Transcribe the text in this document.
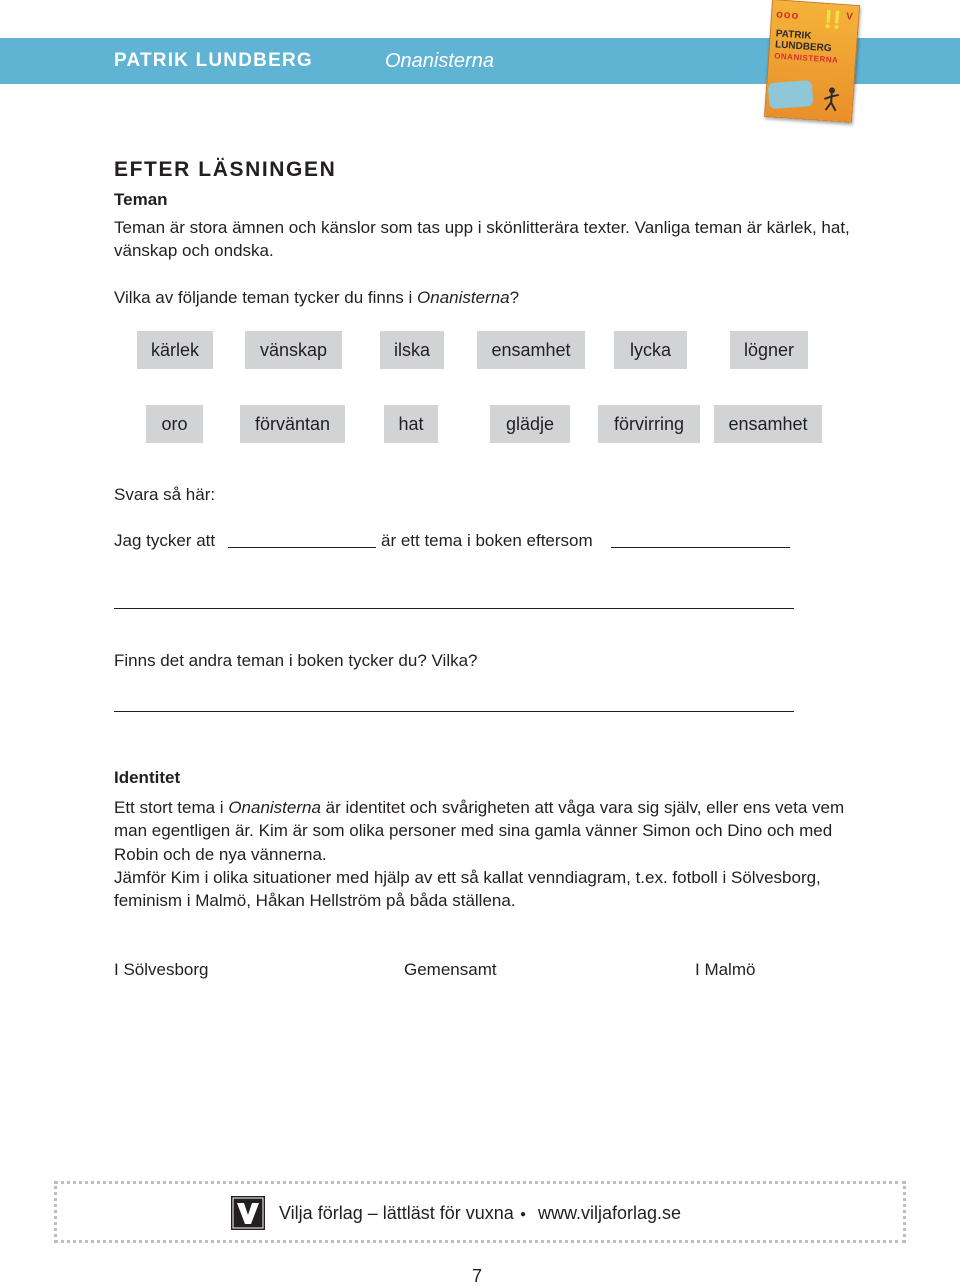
PATRIK LUNDBERG	Onanisterna
ooo !! V
PATRIK LUNDBERG
ONANISTERNA
EFTER LÄSNINGEN
Teman
Teman är stora ämnen och känslor som tas upp i skönlitterära texter. Vanliga teman är kärlek, hat, vänskap och ondska.
Vilka av följande teman tycker du finns i Onanisterna?
kärlek	vänskap	ilska	ensamhet	lycka	lögner
oro	förväntan	hat	glädje	förvirring	ensamhet
Svara så här:
Jag tycker att	är ett tema i boken eftersom
Finns det andra teman i boken tycker du? Vilka?
Identitet
Ett stort tema i Onanisterna är identitet och svårigheten att våga vara sig själv, eller ens veta vem man egentligen är. Kim är som olika personer med sina gamla vänner Simon och Dino och med Robin och de nya vännerna.
Jämför Kim i olika situationer med hjälp av ett så kallat venndiagram, t.ex. fotboll i Sölvesborg, feminism i Malmö, Håkan Hellström på båda ställena.
I Sölvesborg	Gemensamt	I Malmö
Vilja förlag – lättläst för vuxna ● www.viljaforlag.se
7
